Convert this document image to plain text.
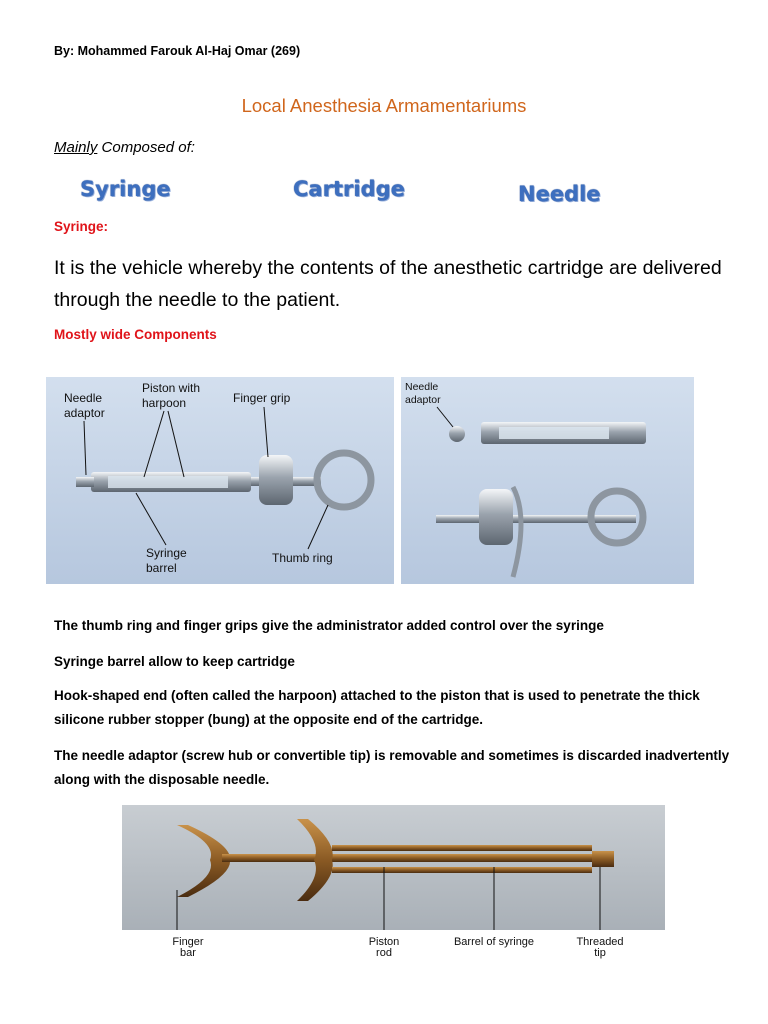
By: Mohammed Farouk Al-Haj Omar (269)
Local Anesthesia Armamentariums
Mainly Composed of:
Syringe	Cartridge	Needle
Syringe:
It is the vehicle whereby the contents of the anesthetic cartridge are delivered through the needle to the patient.
Mostly wide Components
Needle
adaptor
Piston with
harpoon	Finger grip
Syringe
barrel
Thumb ring
Needle
adaptor
The thumb ring and finger grips give the administrator added control over the syringe
Syringe barrel allow to keep cartridge
Hook-shaped end (often called the harpoon) attached to the piston that is used to penetrate the thick silicone rubber stopper (bung) at the opposite end of the cartridge.
The needle adaptor (screw hub or convertible tip) is removable and sometimes is discarded inadvertently along with the disposable needle.
Finger
bar
Piston
rod
Barrel of syringe	Threaded
tip
